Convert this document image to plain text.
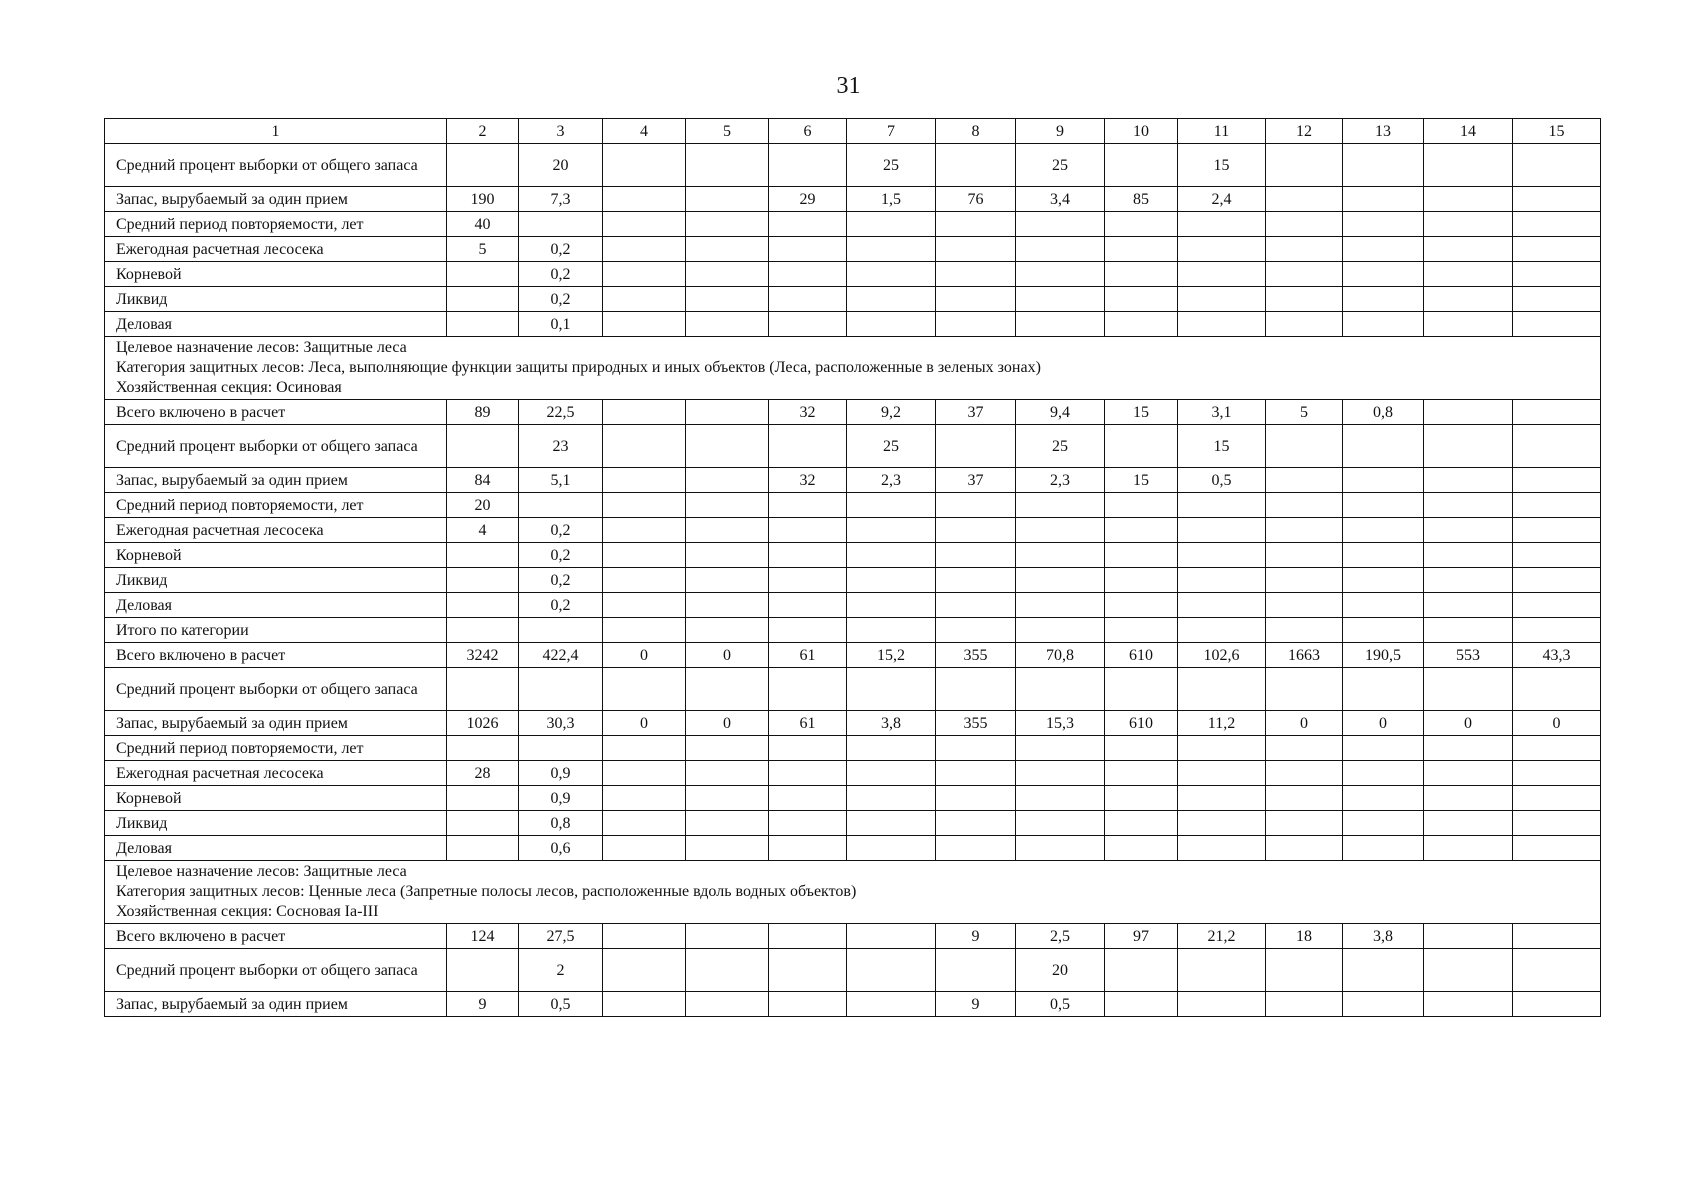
31
1	2	3	4	5	6	7	8	9	10	11	12	13	14	15
Средний процент выборки от общего запаса		20				25		25		15				
Запас, вырубаемый за один прием	190	7,3			29	1,5	76	3,4	85	2,4				
Средний период повторяемости, лет	40													
Ежегодная расчетная лесосека	5	0,2												
Корневой		0,2												
Ликвид		0,2												
Деловая		0,1												

Целевое назначение лесов: Защитные леса
Категория защитных лесов: Леса, выполняющие функции защиты природных и иных объектов (Леса, расположенные в зеленых зонах)
Хозяйственная секция: Осиновая														

Всего включено в расчет	89	22,5			32	9,2	37	9,4	15	3,1	5	0,8		
Средний процент выборки от общего запаса		23				25		25		15				
Запас, вырубаемый за один прием	84	5,1			32	2,3	37	2,3	15	0,5				
Средний период повторяемости, лет	20													
Ежегодная расчетная лесосека	4	0,2												
Корневой		0,2												
Ликвид		0,2												
Деловая		0,2												
Итого по категории														
Всего включено в расчет	3242	422,4	0	0	61	15,2	355	70,8	610	102,6	1663	190,5	553	43,3
Средний процент выборки от общего запаса														
Запас, вырубаемый за один прием	1026	30,3	0	0	61	3,8	355	15,3	610	11,2	0	0	0	0
Средний период повторяемости, лет														
Ежегодная расчетная лесосека	28	0,9												
Корневой		0,9												
Ликвид		0,8												
Деловая		0,6												

Целевое назначение лесов: Защитные леса
Категория защитных лесов: Ценные леса (Запретные полосы лесов, расположенные вдоль водных объектов)
Хозяйственная секция: Сосновая Iа-III														

Всего включено в расчет	124	27,5					9	2,5	97	21,2	18	3,8		
Средний процент выборки от общего запаса		2						20						
Запас, вырубаемый за один прием	9	0,5					9	0,5						
